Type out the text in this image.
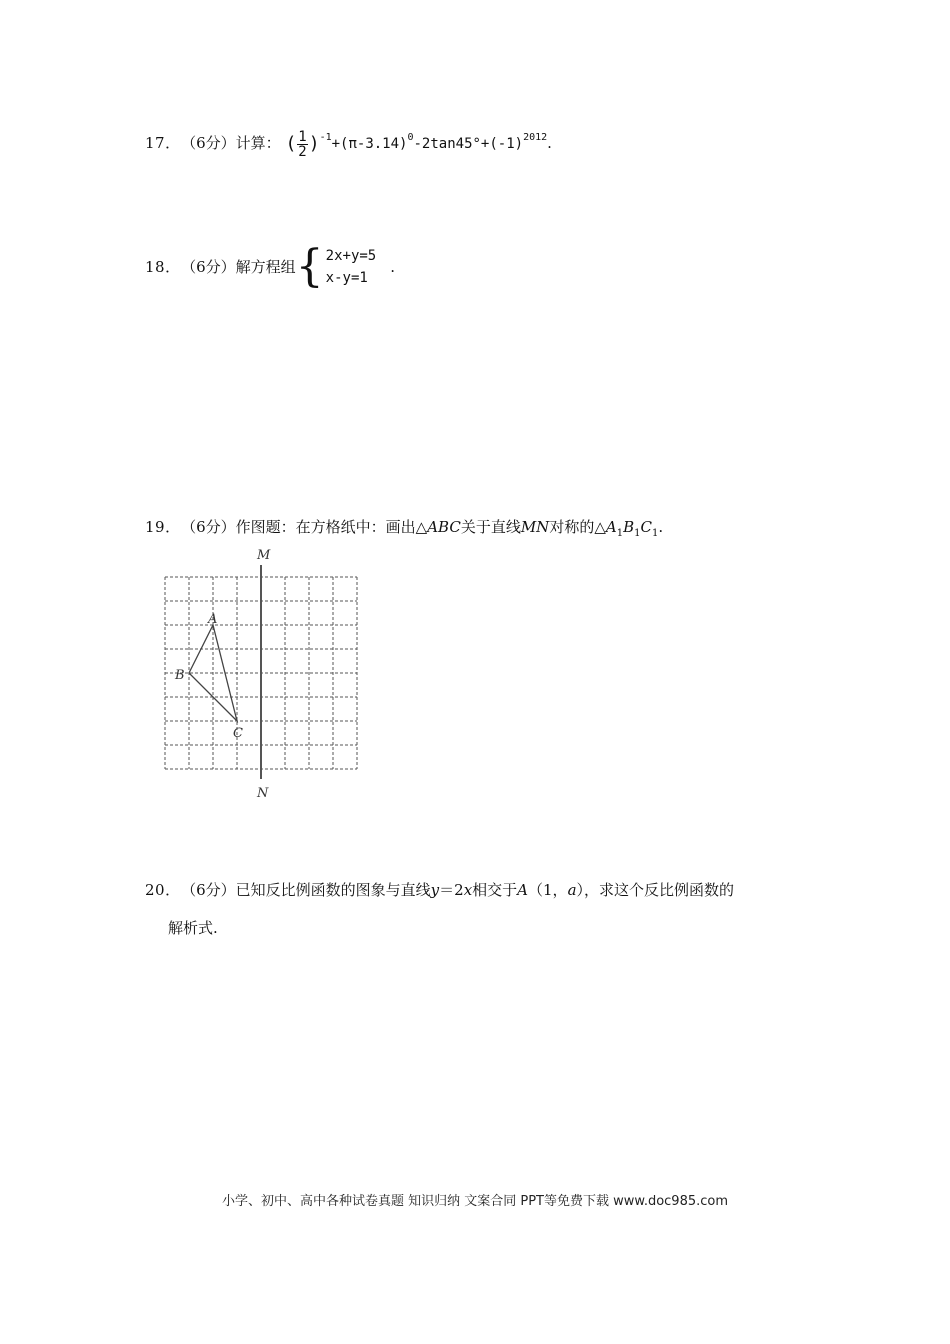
17． （6分）计算： ( $\frac{1}{2} )^{-1}+(\pi-3.14)^0-2\tan 45^\circ+(-1)^{2012}$.
18． （6分）解方程组{ 2x+y=5
x-y=1
.
19． （6分）作图题：在方格纸中：画出△ABC关于直线MN对称的$\triangle A_1B_1C_1$.
M
N
A
B
C
20． （6分）已知反比例函数的图象与直线y＝2x相交于A（1，a），求这个反比例函数的
解析式.
小学、初中、高中各种试卷真题 知识归纳 文案合同 PPT等免费下载 www.doc985.com
